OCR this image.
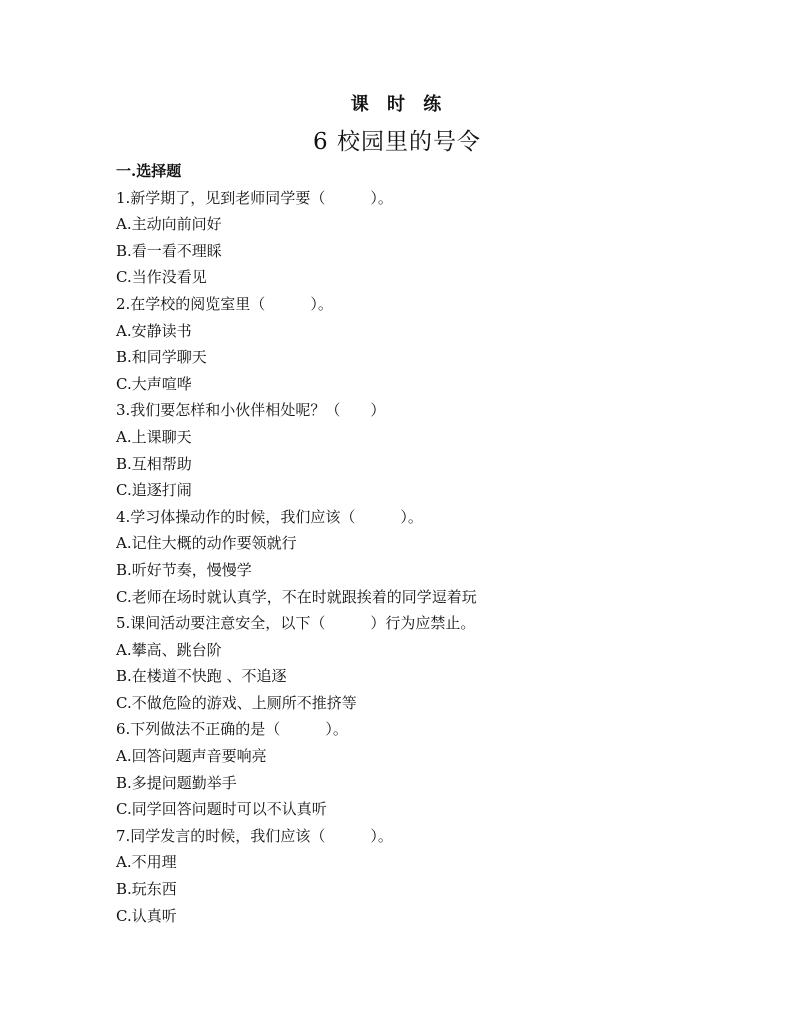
课 时 练
6 校园里的号令
一.选择题
1.新学期了，见到老师同学要（　　　）。
A.主动向前问好
B.看一看不理睬
C.当作没看见
2.在学校的阅览室里（　　　）。
A.安静读书
B.和同学聊天
C.大声喧哗
3.我们要怎样和小伙伴相处呢？（　　）
A.上课聊天
B.互相帮助
C.追逐打闹
4.学习体操动作的时候，我们应该（　　　）。
A.记住大概的动作要领就行
B.听好节奏，慢慢学
C.老师在场时就认真学，不在时就跟挨着的同学逗着玩
5.课间活动要注意安全，以下（　　　）行为应禁止。
A.攀高、跳台阶
B.在楼道不快跑 、不追逐
C.不做危险的游戏、上厕所不推挤等
6.下列做法不正确的是（　　　）。
A.回答问题声音要响亮
B.多提问题勤举手
C.同学回答问题时可以不认真听
7.同学发言的时候，我们应该（　　　）。
A.不用理
B.玩东西
C.认真听
